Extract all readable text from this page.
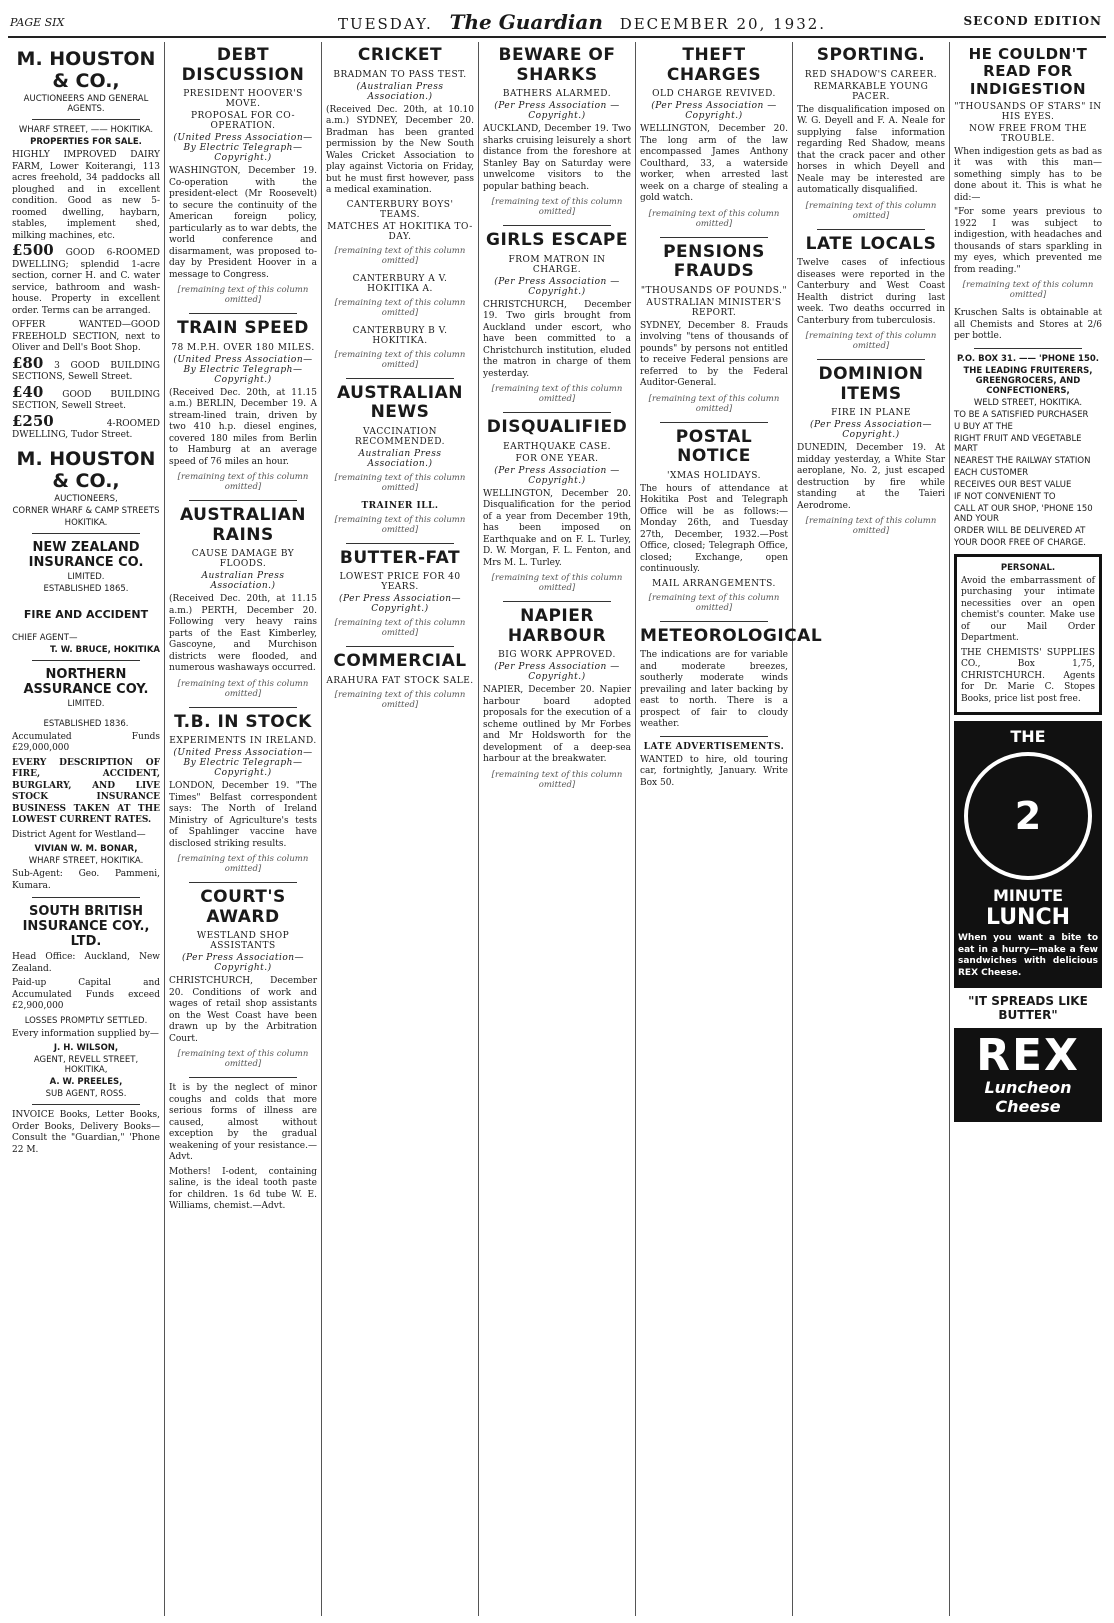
PAGE SIX	TUESDAY. The Guardian DECEMBER 20, 1932.	SECOND EDITION
M. HOUSTON & CO.,
AUCTIONEERS AND GENERAL AGENTS.
WHARF STREET, —— HOKITIKA.
PROPERTIES FOR SALE.
HIGHLY IMPROVED DAIRY FARM, Lower Koiterangi, 113 acres freehold, 34 paddocks all ploughed and in excellent condition. Good as new 5-roomed dwelling, haybarn, stables, implement shed, milking machines, etc.
£500 GOOD 6-ROOMED DWELLING; splendid 1-acre section, corner H. and C. water service, bathroom and wash-house. Property in excellent order. Terms can be arranged.
OFFER WANTED—GOOD FREEHOLD SECTION, next to Oliver and Dell's Boot Shop.
£80 3 GOOD BUILDING SECTIONS, Sewell Street.
£40 GOOD BUILDING SECTION, Sewell Street.
£250	4-ROOMED DWELLING, Tudor Street.
M. HOUSTON & CO.,
AUCTIONEERS,
CORNER WHARF & CAMP STREETS
HOKITIKA.
NEW ZEALAND INSURANCE CO.
LIMITED.
ESTABLISHED 1865.
FIRE AND ACCIDENT
CHIEF AGENT—
T. W. BRUCE, HOKITIKA
NORTHERN ASSURANCE COY.
LIMITED.
ESTABLISHED 1836.
Accumulated Funds £29,000,000
EVERY DESCRIPTION OF FIRE, ACCIDENT, BURGLARY, AND LIVE STOCK INSURANCE BUSINESS TAKEN AT THE LOWEST CURRENT RATES.
District Agent for Westland—
VIVIAN W. M. BONAR,
WHARF STREET, HOKITIKA.
Sub-Agent: Geo. Pammeni, Kumara.
SOUTH BRITISH INSURANCE COY., LTD.
Head Office: Auckland, New Zealand.
Paid-up Capital and Accumulated Funds exceed £2,900,000
LOSSES PROMPTLY SETTLED.
Every information supplied by—
J. H. WILSON,
AGENT, REVELL STREET, HOKITIKA,
A. W. PREELES,
SUB AGENT, ROSS.
INVOICE Books, Letter Books, Order Books, Delivery Books—Consult the "Guardian," 'Phone 22 M.
DEBT DISCUSSION
PRESIDENT HOOVER'S MOVE.
PROPOSAL FOR CO-OPERATION.
(United Press Association—By Electric Telegraph—Copyright.)
WASHINGTON, December 19. Co-operation with the president-elect (Mr Roosevelt) to secure the continuity of the American foreign policy, particularly as to war debts, the world conference and disarmament, was proposed to-day by President Hoover in a message to Congress.
[remaining text of this column omitted]
TRAIN SPEED
78 M.P.H. OVER 180 MILES.
(United Press Association—By Electric Telegraph—Copyright.)
(Received Dec. 20th, at 11.15 a.m.) BERLIN, December 19. A stream-lined train, driven by two 410 h.p. diesel engines, covered 180 miles from Berlin to Hamburg at an average speed of 76 miles an hour.
[remaining text of this column omitted]
AUSTRALIAN RAINS
CAUSE DAMAGE BY FLOODS.
Australian Press Association.)
(Received Dec. 20th, at 11.15 a.m.) PERTH, December 20. Following very heavy rains parts of the East Kimberley, Gascoyne, and Murchison districts were flooded, and numerous washaways occurred.
[remaining text of this column omitted]
T.B. IN STOCK
EXPERIMENTS IN IRELAND.
(United Press Association—By Electric Telegraph—Copyright.)
LONDON, December 19. "The Times" Belfast correspondent says: The North of Ireland Ministry of Agriculture's tests of Spahlinger vaccine have disclosed striking results.
[remaining text of this column omitted]
COURT'S AWARD
WESTLAND SHOP ASSISTANTS
(Per Press Association—Copyright.)
CHRISTCHURCH, December 20. Conditions of work and wages of retail shop assistants on the West Coast have been drawn up by the Arbitration Court.
[remaining text of this column omitted]
It is by the neglect of minor coughs and colds that more serious forms of illness are caused, almost without exception by the gradual weakening of your resistance.—Advt.
Mothers! I-odent, containing saline, is the ideal tooth paste for children. 1s 6d tube W. E. Williams, chemist.—Advt.
CRICKET
BRADMAN TO PASS TEST.
(Australian Press Association.)
(Received Dec. 20th, at 10.10 a.m.) SYDNEY, December 20. Bradman has been granted permission by the New South Wales Cricket Association to play against Victoria on Friday, but he must first however, pass a medical examination.
CANTERBURY BOYS' TEAMS.
MATCHES AT HOKITIKA TO-DAY.
[remaining text of this column omitted]
CANTERBURY A V. HOKITIKA A.
[remaining text of this column omitted]
CANTERBURY B V. HOKITIKA.
[remaining text of this column omitted]
AUSTRALIAN NEWS
VACCINATION RECOMMENDED.
Australian Press Association.)
[remaining text of this column omitted]
TRAINER ILL.
[remaining text of this column omitted]
BUTTER-FAT
LOWEST PRICE FOR 40 YEARS.
(Per Press Association— Copyright.)
[remaining text of this column omitted]
COMMERCIAL
ARAHURA FAT STOCK SALE.
[remaining text of this column omitted]
BEWARE OF SHARKS
BATHERS ALARMED.
(Per Press Association — Copyright.)
AUCKLAND, December 19. Two sharks cruising leisurely a short distance from the foreshore at Stanley Bay on Saturday were unwelcome visitors to the popular bathing beach.
[remaining text of this column omitted]
GIRLS ESCAPE
FROM MATRON IN CHARGE.
(Per Press Association — Copyright.)
CHRISTCHURCH, December 19. Two girls brought from Auckland under escort, who have been committed to a Christchurch institution, eluded the matron in charge of them yesterday.
[remaining text of this column omitted]
DISQUALIFIED
EARTHQUAKE CASE.
FOR ONE YEAR.
(Per Press Association — Copyright.)
WELLINGTON, December 20. Disqualification for the period of a year from December 19th, has been imposed on Earthquake and on F. L. Turley, D. W. Morgan, F. L. Fenton, and Mrs M. L. Turley.
[remaining text of this column omitted]
NAPIER HARBOUR
BIG WORK APPROVED.
(Per Press Association — Copyright.)
NAPIER, December 20. Napier harbour board adopted proposals for the execution of a scheme outlined by Mr Forbes and Mr Holdsworth for the development of a deep-sea harbour at the breakwater.
[remaining text of this column omitted]
THEFT CHARGES
OLD CHARGE REVIVED.
(Per Press Association — Copyright.)
WELLINGTON, December 20. The long arm of the law encompassed James Anthony Coulthard, 33, a waterside worker, when arrested last week on a charge of stealing a gold watch.
[remaining text of this column omitted]
PENSIONS FRAUDS
"THOUSANDS OF POUNDS."
AUSTRALIAN MINISTER'S REPORT.
SYDNEY, December 8. Frauds involving "tens of thousands of pounds" by persons not entitled to receive Federal pensions are referred to by the Federal Auditor-General.
[remaining text of this column omitted]
POSTAL NOTICE
'XMAS HOLIDAYS.
The hours of attendance at Hokitika Post and Telegraph Office will be as follows:— Monday 26th, and Tuesday 27th, December, 1932.—Post Office, closed; Telegraph Office, closed; Exchange, open continuously.
MAIL ARRANGEMENTS.
[remaining text of this column omitted]
METEOROLOGICAL
The indications are for variable and moderate breezes, southerly moderate winds prevailing and later backing by east to north. There is a prospect of fair to cloudy weather.
LATE ADVERTISEMENTS.
WANTED to hire, old touring car, fortnightly, January. Write Box 50.
SPORTING.
RED SHADOW'S CAREER.
REMARKABLE YOUNG PACER.
The disqualification imposed on W. G. Deyell and F. A. Neale for supplying false information regarding Red Shadow, means that the crack pacer and other horses in which Deyell and Neale may be interested are automatically disqualified.
[remaining text of this column omitted]
LATE LOCALS
Twelve cases of infectious diseases were reported in the Canterbury and West Coast Health district during last week. Two deaths occurred in Canterbury from tuberculosis.
[remaining text of this column omitted]
DOMINION ITEMS
FIRE IN PLANE
(Per Press Association— Copyright.)
DUNEDIN, December 19. At midday yesterday, a White Star aeroplane, No. 2, just escaped destruction by fire while standing at the Taieri Aerodrome.
[remaining text of this column omitted]
HE COULDN'T READ FOR INDIGESTION
"THOUSANDS OF STARS" IN HIS EYES.
NOW FREE FROM THE TROUBLE.
When indigestion gets as bad as it was with this man—something simply has to be done about it. This is what he did:—
"For some years previous to 1922 I was subject to indigestion, with headaches and thousands of stars sparkling in my eyes, which prevented me from reading."
[remaining text of this column omitted]
Kruschen Salts is obtainable at all Chemists and Stores at 2/6 per bottle.
P.O. BOX 31. —— 'PHONE 150.
THE LEADING FRUITERERS, GREENGROCERS, AND CONFECTIONERS,
WELD STREET, HOKITIKA.
TO BE A SATISFIED PURCHASER
U BUY AT THE
RIGHT FRUIT AND VEGETABLE MART
NEAREST THE RAILWAY STATION
EACH CUSTOMER
RECEIVES OUR BEST VALUE
IF NOT CONVENIENT TO
CALL AT OUR SHOP, 'PHONE 150 AND YOUR
ORDER WILL BE DELIVERED AT
YOUR DOOR FREE OF CHARGE.
PERSONAL.
Avoid the embarrassment of purchasing your intimate necessities over an open chemist's counter. Make use of our Mail Order Department.
THE CHEMISTS' SUPPLIES CO., Box 1,75, CHRISTCHURCH. Agents for Dr. Marie C. Stopes Books, price list post free.
THE
2
MINUTE
LUNCH
When you want a bite to eat in a hurry—make a few sandwiches with delicious REX Cheese.
"IT SPREADS LIKE BUTTER"
REX
Luncheon Cheese
